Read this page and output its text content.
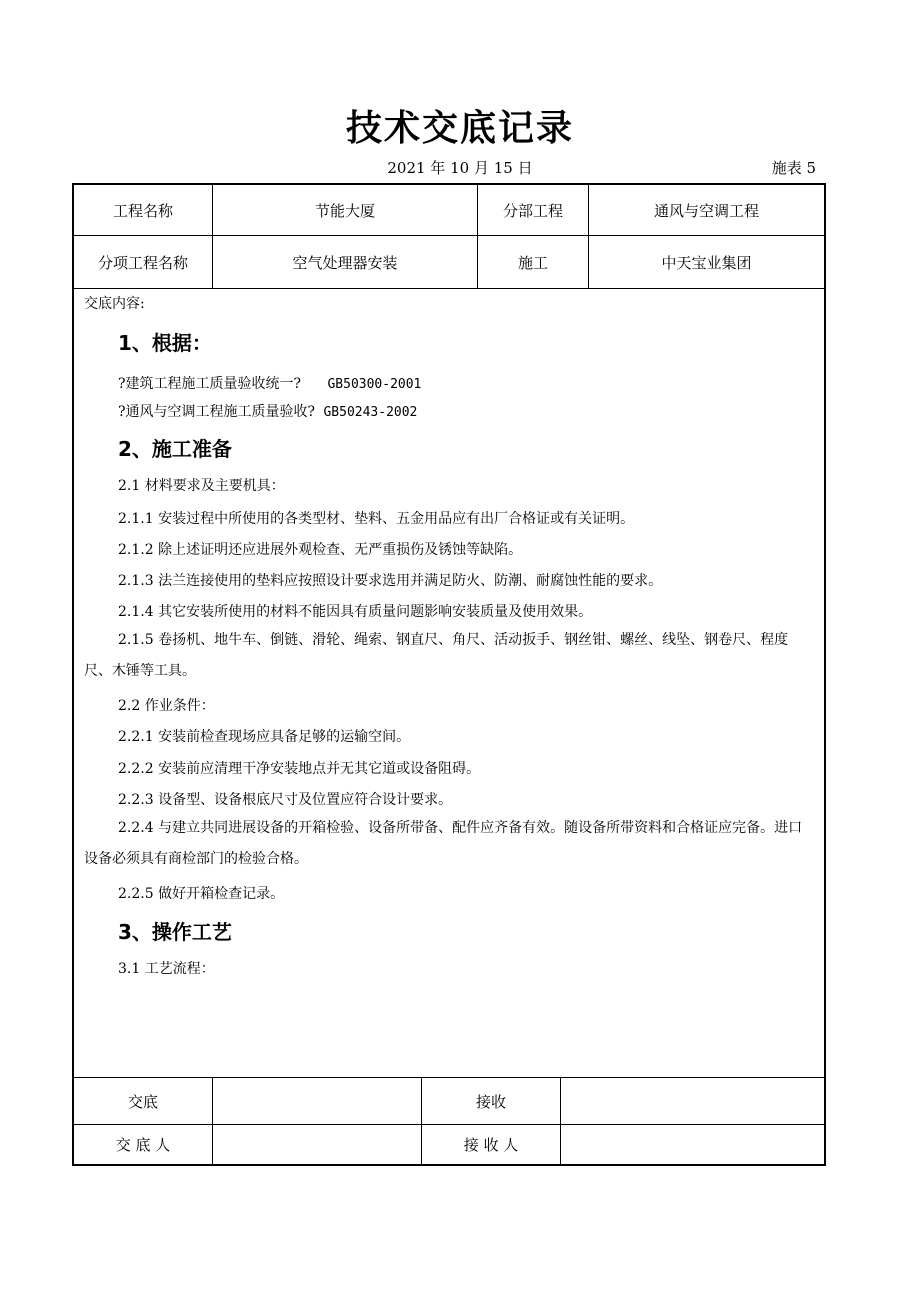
技术交底记录
2021 年 10 月 15 日	施表 5
工程名称	节能大厦	分部工程	通风与空调工程
分项工程名称	空气处理器安装	施工	中天宝业集团
交底内容:
1、根据：
?建筑工程施工质量验收统一? GB50300-2001
?通风与空调工程施工质量验收? GB50243-2002
2、施工准备
2.1 材料要求及主要机具：
2.1.1 安装过程中所使用的各类型材、垫料、五金用品应有出厂合格证或有关证明。
2.1.2 除上述证明还应进展外观检查、无严重损伤及锈蚀等缺陷。
2.1.3 法兰连接使用的垫料应按照设计要求选用并满足防火、防潮、耐腐蚀性能的要求。
2.1.4 其它安装所使用的材料不能因具有质量问题影响安装质量及使用效果。
2.1.5 卷扬机、地牛车、倒链、滑轮、绳索、钢直尺、角尺、活动扳手、钢丝钳、螺丝、线坠、钢卷尺、程度尺、木锤等工具。
2.2 作业条件：
2.2.1 安装前检查现场应具备足够的运输空间。
2.2.2 安装前应清理干净安装地点并无其它道或设备阻碍。
2.2.3 设备型、设备根底尺寸及位置应符合设计要求。
2.2.4 与建立共同进展设备的开箱检验、设备所带备、配件应齐备有效。随设备所带资料和合格证应完备。进口设备必须具有商检部门的检验合格。
2.2.5 做好开箱检查记录。
3、操作工艺
3.1 工艺流程：
交底	接收
交 底 人	接 收 人
